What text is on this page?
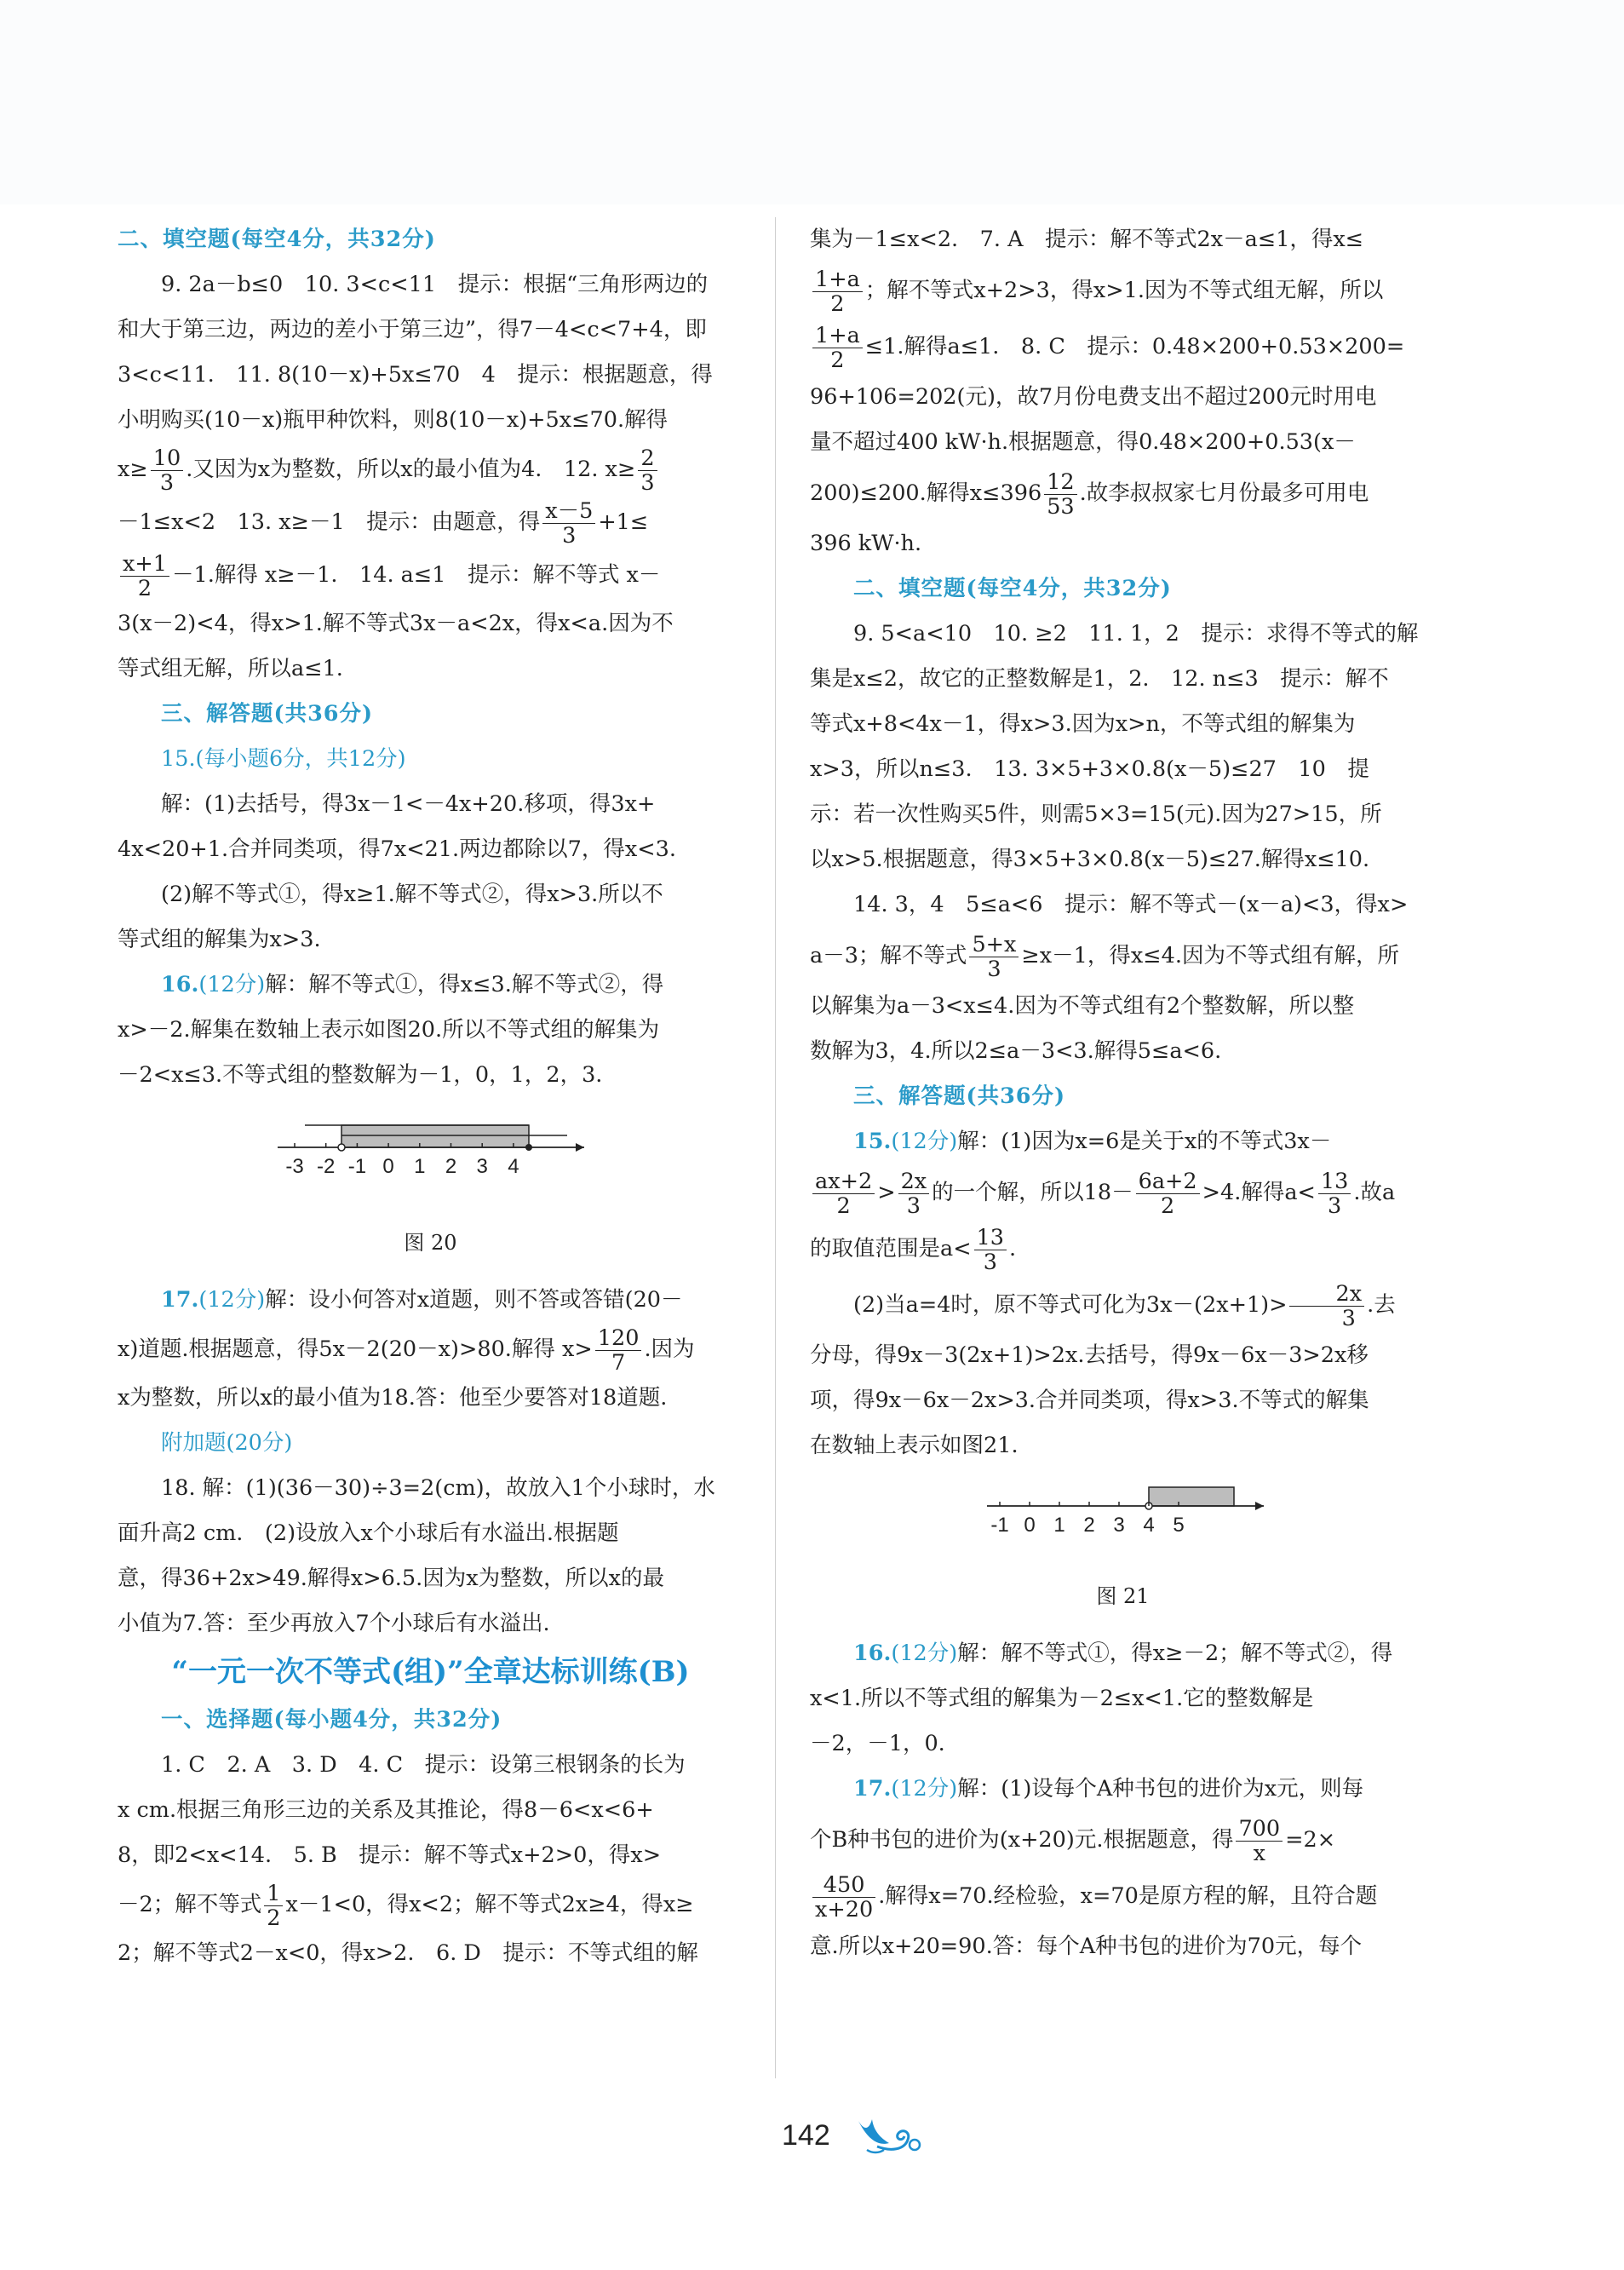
二、填空题(每空4分，共32分)

9. 2a－b≤0　10. 3<c<11　提示：根据“三角形两边的

和大于第三边，两边的差小于第三边”，得7－4<c<7+4，即

3<c<11.　11. 8(10－x)+5x≤70　4　提示：根据题意，得

小明购买(10－x)瓶甲种饮料，则8(10－x)+5x≤70.解得

$x\ge \frac{10}{3}$ .又因为x为整数，所以x的最小值为4.　12. $x\ge \frac{2}{3}$

－1≤x<2　13. x≥－1　提示：由题意，得 $\frac{x-5}{3} +1\le$

$\frac{x+1}{2} -1$.解得 x≥－1.　14. a≤1　提示：解不等式 x－

3(x－2)<4，得x>1.解不等式3x－a<2x，得x<a.因为不

等式组无解，所以a≤1.

三、解答题(共36分)

15.(每小题6分，共12分)

解：(1)去括号，得3x－1<－4x+20.移项，得3x+

4x<20+1.合并同类项，得7x<21.两边都除以7，得x<3.

(2)解不等式①，得x≥1.解不等式②，得x>3.所以不

等式组的解集为x>3.

16.(12分)解：解不等式①，得x≤3.解不等式②，得

x>－2.解集在数轴上表示如图20.所以不等式组的解集为

－2<x≤3.不等式组的整数解为－1，0，1，2，3.

-3 -2 -1 0 1 2 3 4

图 20

17.(12分)解：设小何答对x道题，则不答或答错(20－

x)道题.根据题意，得5x－2(20－x)>80.解得 $x> \frac{120}{7}$ .因为

x为整数，所以x的最小值为18.答：他至少要答对18道题.

附加题(20分)

18. 解：(1)(36－30)÷3=2(cm)，故放入1个小球时，水

面升高2 cm.　(2)设放入x个小球后有水溢出.根据题

意，得36+2x>49.解得x>6.5.因为x为整数，所以x的最

小值为7.答：至少再放入7个小球后有水溢出.

“一元一次不等式(组)”全章达标训练(B)

一、选择题(每小题4分，共32分)

1. C　2. A　3. D　4. C　提示：设第三根钢条的长为

x cm.根据三角形三边的关系及其推论，得8－6<x<6+

8，即2<x<14.　5. B　提示：解不等式x+2>0，得x>

－2；解不等式 $\frac{1}{2} x-1<0$，得x<2；解不等式2x≥4，得x≥

2；解不等式2－x<0，得x>2.　6. D　提示：不等式组的解

集为－1≤x<2.　7. A　提示：解不等式2x－a≤1，得x≤

$\frac{1+a}{2}$ ；解不等式x+2>3，得x>1.因为不等式组无解，所以

$\frac{1+a}{2} \le 1$.解得a≤1.　8. C　提示：0.48×200+0.53×200=

96+106=202(元)，故7月份电费支出不超过200元时用电

量不超过400 kW·h.根据题意，得0.48×200+0.53(x－

200)≤200.解得$x\le 396 \frac{12}{53}$ .故李叔叔家七月份最多可用电

396 kW·h.

二、填空题(每空4分，共32分)

9. 5<a<10　10. ≥2　11. 1，2　提示：求得不等式的解

集是x≤2，故它的正整数解是1，2.　12. n≤3　提示：解不

等式x+8<4x－1，得x>3.因为x>n，不等式组的解集为

x>3，所以n≤3.　13. 3×5+3×0.8(x－5)≤27　10　提

示：若一次性购买5件，则需5×3=15(元).因为27>15，所

以x>5.根据题意，得3×5+3×0.8(x－5)≤27.解得x≤10.

14. 3，4　5≤a<6　提示：解不等式－(x－a)<3，得x>

a－3；解不等式 $\frac{5+x}{3} \ge x-1$，得x≤4.因为不等式组有解，所

以解集为a－3<x≤4.因为不等式组有2个整数解，所以整

数解为3，4.所以2≤a－3<3.解得5≤a<6.

三、解答题(共36分)

15.(12分)解：(1)因为x=6是关于x的不等式3x－

$\frac{ax+2}{2} > \frac{2x}{3}$ 的一个解，所以$18- \frac{6a+2}{2} >4$.解得$a< \frac{13}{3}$ .故a

的取值范围是$a< \frac{13}{3}$ .

(2)当a=4时，原不等式可化为$3x-(2x+1)> \frac{2x}{3}$ .去

分母，得9x－3(2x+1)>2x.去括号，得9x－6x－3>2x移

项，得9x－6x－2x>3.合并同类项，得x>3.不等式的解集

在数轴上表示如图21.

-1 0 1 2 3 4 5

图 21

16.(12分)解：解不等式①，得x≥－2；解不等式②，得

x<1.所以不等式组的解集为－2≤x<1.它的整数解是

－2，－1，0.

17.(12分)解：(1)设每个A种书包的进价为x元，则每

个B种书包的进价为(x+20)元.根据题意，得 $\frac{700}{x} =2\times$

$\frac{450}{x+20}$ .解得x=70.经检验，x=70是原方程的解，且符合题

意.所以x+20=90.答：每个A种书包的进价为70元，每个

142
